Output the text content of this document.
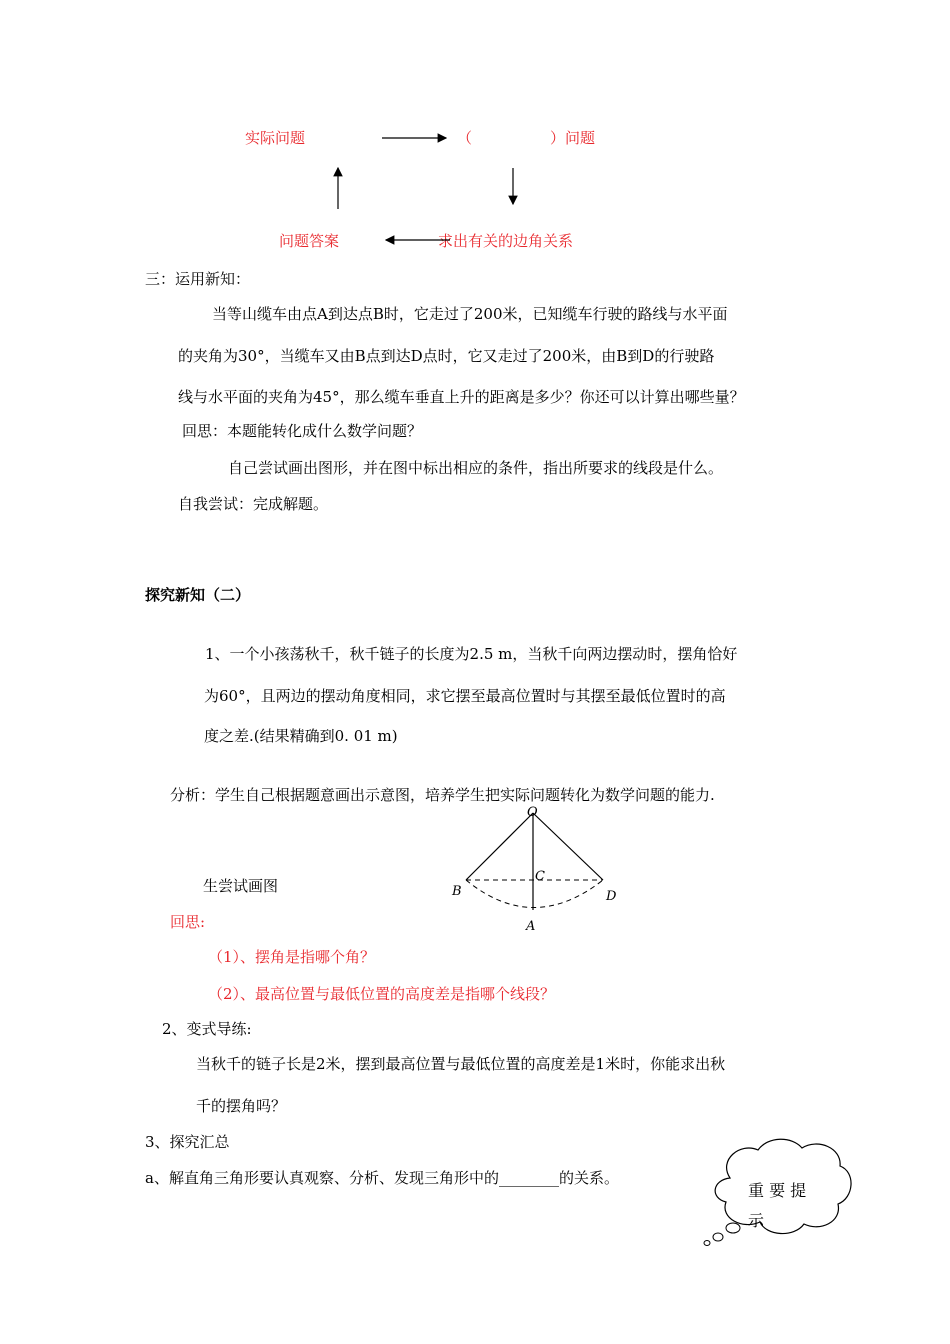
实际问题	（	）问题
问题答案	求出有关的边角关系
三：运用新知：
当等山缆车由点A到达点B时，它走过了200米，已知缆车行驶的路线与水平面
的夹角为30°，当缆车又由B点到达D点时，它又走过了200米，由B到D的行驶路
线与水平面的夹角为45°，那么缆车垂直上升的距离是多少？你还可以计算出哪些量？
回思：本题能转化成什么数学问题？
自己尝试画出图形，并在图中标出相应的条件，指出所要求的线段是什么。
自我尝试：完成解题。
探究新知（二）
1、一个小孩荡秋千，秋千链子的长度为2.5 m，当秋千向两边摆动时，摆角恰好
为60°，且两边的摆动角度相同，求它摆至最高位置时与其摆至最低位置时的高
度之差.(结果精确到0. 01 m)
分析：学生自己根据题意画出示意图，培养学生把实际问题转化为数学问题的能力.
生尝试画图
回思:
（1）、摆角是指哪个角？
（2）、最高位置与最低位置的高度差是指哪个线段？
2、变式导练:
当秋千的链子长是2米，摆到最高位置与最低位置的高度差是1米时，你能求出秋
千的摆角吗？
3、探究汇总
a、解直角三角形要认真观察、分析、发现三角形中的________的关系。
O
B
C
D
A
重 要 提
示
